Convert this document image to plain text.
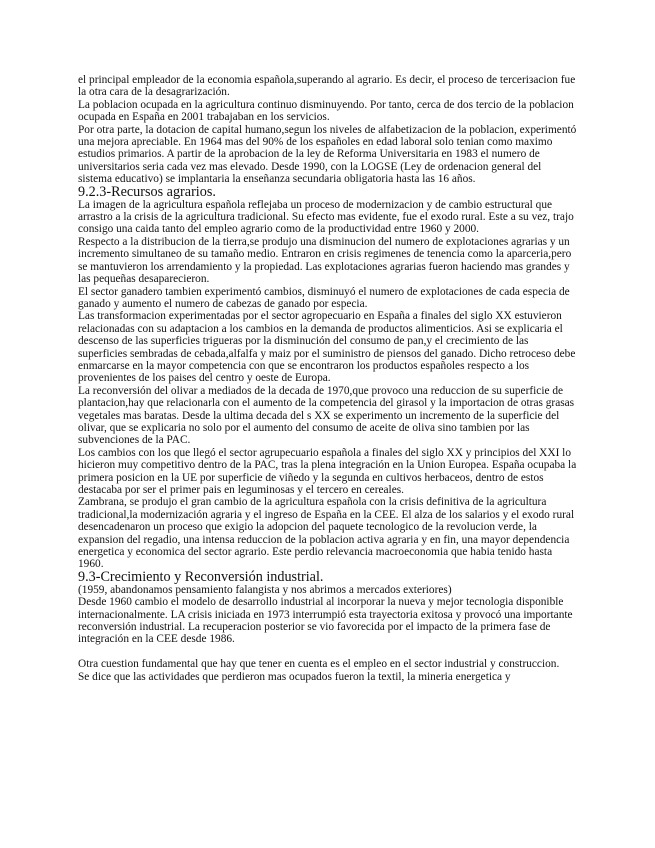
el principal empleador de la economia española,superando al agrario. Es decir, el proceso de terceriзacion fue la otra cara de la desagrarización.

La poblacion ocupada en la agricultura continuo disminuyendo. Por tanto, cerca de dos tercio de la poblacion ocupada en España en 2001 trabajaban en los servicios.

Por otra parte, la dotacion de capital humano,segun los niveles de alfabetizacion de la poblacion, experimentó una mejora apreciable. En 1964 mas del 90% de los españoles en edad laboral solo tenian como maximo estudios primarios. A partir de la aprobacion de la ley de Reforma Universitaria en 1983 el numero de universitarios seria cada vez mas elevado. Desde 1990, con la LOGSE (Ley de ordenacion general del sistema educativo) se implantaria la enseñanza secundaria obligatoria hasta las 16 años.

9.2.3-Recursos agrarios.

La imagen de la agricultura española reflejaba un proceso de modernizacion y de cambio estructural que arrastro a la crisis de la agricultura tradicional. Su efecto mas evidente, fue el exodo rural. Este a su vez, trajo consigo una caida tanto del empleo agrario como de la productividad entre 1960 y 2000.

Respecto a la distribucion de la tierra,se produjo una disminucion del numero de explotaciones agrarias y un incremento simultaneo de su tamaño medio. Entraron en crisis regimenes de tenencia como la aparceria,pero se mantuvieron los arrendamiento y la propiedad. Las explotaciones agrarias fueron haciendo mas grandes y las pequeñas desaparecieron.

El sector ganadero tambien experimentó cambios, disminuyó el numero de explotaciones de cada especia de ganado y aumento el numero de cabezas de ganado por especia.

Las transformacion experimentadas por el sector agropecuario en España a finales del siglo XX estuvieron relacionadas con su adaptacion a los cambios en la demanda de productos alimenticios. Asi se explicaria el descenso de las superficies trigueras por la disminución del consumo de pan,y el crecimiento de las superficies sembradas de cebada,alfalfa y maiz por el suministro de piensos del ganado. Dicho retroceso debe enmarcarse en la mayor competencia con que se encontraron los productos españoles respecto a los provenientes de los paises del centro y oeste de Europa.

La reconversión del olivar a mediados de la decada de 1970,que provoco una reduccion de su superficie de plantacion,hay que relacionarla con el aumento de la competencia del girasol y la importacion de otras grasas vegetales mas baratas. Desde la ultima decada del s XX se experimento un incremento de la superficie del olivar, que se explicaria no solo por el aumento del consumo de aceite de oliva sino tambien por las subvenciones de la PAC.

Los cambios con los que llegó el sector agrupecuario española a finales del siglo XX y principios del XXI lo hicieron muy competitivo dentro de la PAC, tras la plena integración en la Union Europea. España ocupaba la primera posicion en la UE por superficie de viñedo y la segunda en cultivos herbaceos, dentro de estos destacaba por ser el primer pais en leguminosas y el tercero en cereales.

Zambrana, se produjo el gran cambio de la agricultura española con la crisis definitiva de la agricultura tradicional,la modernización agraria y el ingreso de España en la CEE. El alza de los salarios y el exodo rural desencadenaron un proceso que exigio la adopcion del paquete tecnologico de la revolucion verde, la expansion del regadio, una intensa reduccion de la poblacion activa agraria y en fin, una mayor dependencia energetica y economica del sector agrario. Este perdio relevancia macroeconomia que habia tenido hasta 1960.

9.3-Crecimiento y Reconversión industrial.

(1959, abandonamos pensamiento falangista y nos abrimos a mercados exteriores)

Desde 1960 cambio el modelo de desarrollo industrial al incorporar la nueva y mejor tecnologia disponible internacionalmente. LA crisis iniciada en 1973 interrumpió esta trayectoria exitosa y provocó una importante reconversión industrial. La recuperacion posterior se vio favorecida por el impacto de la primera fase de integración en la CEE desde 1986.

Otra cuestion fundamental que hay que tener en cuenta es el empleo en el sector industrial y construccion.

Se dice que las actividades que perdieron mas ocupados fueron la textil, la mineria energetica y
